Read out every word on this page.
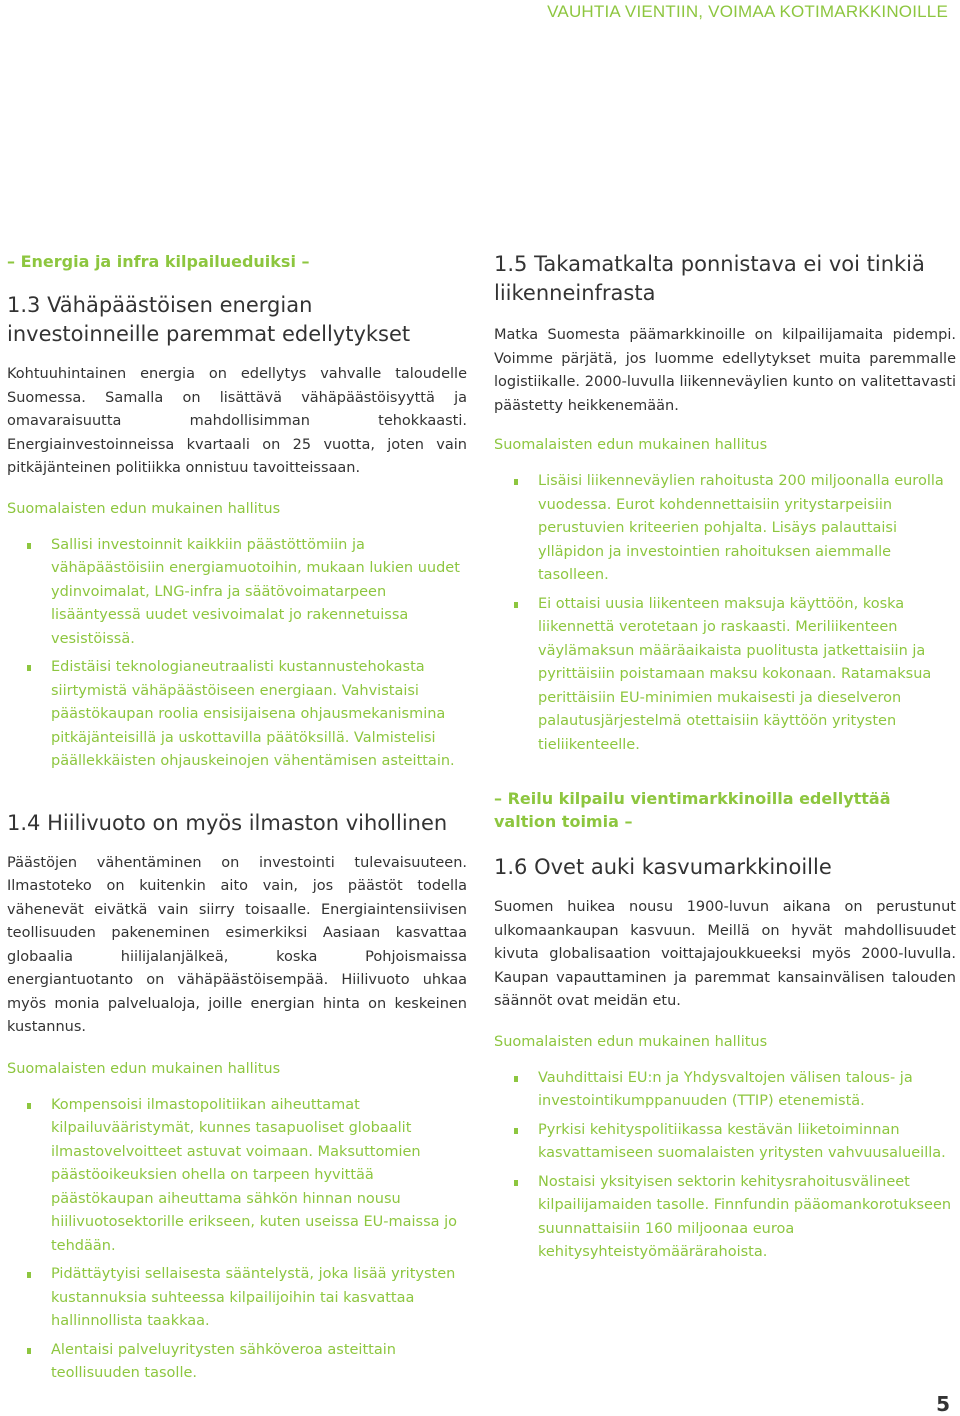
VAUHTIA VIENTIIN, VOIMAA KOTIMARKKINOILLE
– Energia ja infra kilpailueduiksi –
1.3 Vähäpäästöisen energian investoinneille paremmat edellytykset

Kohtuuhintainen energia on edellytys vahvalle taloudelle Suomessa. Samalla on lisättävä vähäpäästöisyyttä ja omavaraisuutta mahdollisimman tehokkaasti. Energiainvestoinneissa kvartaali on 25 vuotta, joten vain pitkäjänteinen politiikka onnistuu tavoitteissaan.

Suomalaisten edun mukainen hallitus
Sallisi investoinnit kaikkiin päästöttömiin ja vähäpäästöisiin energiamuotoihin, mukaan lukien uudet ydinvoimalat, LNG-infra ja säätövoimatarpeen lisääntyessä uudet vesivoimalat jo rakennetuissa vesistöissä.
Edistäisi teknologianeutraalisti kustannustehokasta siirtymistä vähäpäästöiseen energiaan. Vahvistaisi päästökaupan roolia ensisijaisena ohjausmekanismina pitkäjänteisillä ja uskottavilla päätöksillä. Valmistelisi päällekkäisten ohjauskeinojen vähentämisen asteittain.
1.4 Hiilivuoto on myös ilmaston vihollinen

Päästöjen vähentäminen on investointi tulevaisuuteen. Ilmastoteko on kuitenkin aito vain, jos päästöt todella vähenevät eivätkä vain siirry toisaalle. Energiaintensiivisen teollisuuden pakeneminen esimerkiksi Aasiaan kasvattaa globaalia hiilijalanjälkeä, koska Pohjoismaissa energiantuotanto on vähäpäästöisempää. Hiilivuoto uhkaa myös monia palvelualoja, joille energian hinta on keskeinen kustannus.

Suomalaisten edun mukainen hallitus
Kompensoisi ilmastopolitiikan aiheuttamat kilpailuvääristymät, kunnes tasapuoliset globaalit ilmastovelvoitteet astuvat voimaan. Maksuttomien päästöoikeuksien ohella on tarpeen hyvittää päästökaupan aiheuttama sähkön hinnan nousu hiilivuotosektorille erikseen, kuten useissa EU-maissa jo tehdään.
Pidättäytyisi sellaisesta sääntelystä, joka lisää yritysten kustannuksia suhteessa kilpailijoihin tai kasvattaa hallinnollista taakkaa.
Alentaisi palveluyritysten sähköveroa asteittain teollisuuden tasolle.
1.5 Takamatkalta ponnistava ei voi tinkiä liikenneinfrasta

Matka Suomesta päämarkkinoille on kilpailijamaita pidempi. Voimme pärjätä, jos luomme edellytykset muita paremmalle logistiikalle. 2000-luvulla liikenneväylien kunto on valitettavasti päästetty heikkenemään.

Suomalaisten edun mukainen hallitus
Lisäisi liikenneväylien rahoitusta 200 miljoonalla eurolla vuodessa. Eurot kohdennettaisiin yritystarpeisiin perustuvien kriteerien pohjalta. Lisäys palauttaisi ylläpidon ja investointien rahoituksen aiemmalle tasolleen.
Ei ottaisi uusia liikenteen maksuja käyttöön, koska liikennettä verotetaan jo raskaasti. Meriliikenteen väylämaksun määräaikaista puolitusta jatkettaisiin ja pyrittäisiin poistamaan maksu kokonaan. Ratamaksua perittäisiin EU-minimien mukaisesti ja dieselveron palautusjärjestelmä otettaisiin käyttöön yritysten tieliikenteelle.
– Reilu kilpailu vientimarkkinoilla edellyttää valtion toimia –
1.6 Ovet auki kasvumarkkinoille

Suomen huikea nousu 1900-luvun aikana on perustunut ulkomaankaupan kasvuun. Meillä on hyvät mahdollisuudet kivuta globalisaation voittajajoukkueeksi myös 2000-luvulla. Kaupan vapauttaminen ja paremmat kansainvälisen talouden säännöt ovat meidän etu.

Suomalaisten edun mukainen hallitus
Vauhdittaisi EU:n ja Yhdysvaltojen välisen talous- ja investointikumppanuuden (TTIP) etenemistä.
Pyrkisi kehityspolitiikassa kestävän liiketoiminnan kasvattamiseen suomalaisten yritysten vahvuusalueilla.
Nostaisi yksityisen sektorin kehitysrahoitusvälineet kilpailijamaiden tasolle. Finnfundin pääomankorotukseen suunnattaisiin 160 miljoonaa euroa kehitysyhteistyömäärärahoista.
5
